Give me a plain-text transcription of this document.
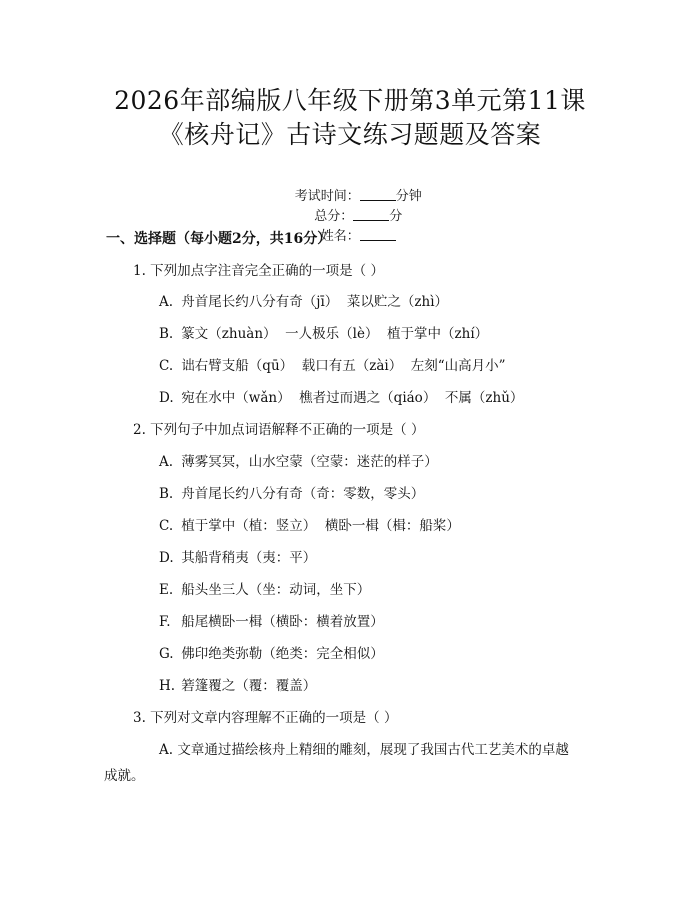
2026年部编版八年级下册第3单元第11课
《核舟记》古诗文练习题题及答案

考试时间：	分钟
总分：	分
姓名：

一、选择题（每小题2分，共16分）
1. 下列加点字注音完全正确的一项是（ ）
A. 舟首尾长约八分有奇（jī）  菜以贮之（zhì）
B. 篆文（zhuàn）  一人极乐（lè）  植于掌中（zhí）
C. 诎右臂支船（qū）  载口有五（zài）  左刻“山高月小”
D. 宛在水中（wǎn）  樵者过而遇之（qiáo）  不属（zhǔ）
2. 下列句子中加点词语解释不正确的一项是（ ）
A. 薄雾冥冥，山水空蒙（空蒙：迷茫的样子）
B. 舟首尾长约八分有奇（奇：零数，零头）
C. 植于掌中（植：竖立）  横卧一楫（楫：船桨）
D. 其船背稍夷（夷：平）
E. 船头坐三人（坐：动词，坐下）
F. 船尾横卧一楫（横卧：横着放置）
G. 佛印绝类弥勒（绝类：完全相似）
H. 箬篷覆之（覆：覆盖）
3. 下列对文章内容理解不正确的一项是（ ）
A. 文章通过描绘核舟上精细的雕刻，展现了我国古代工艺美术的卓越成就。
